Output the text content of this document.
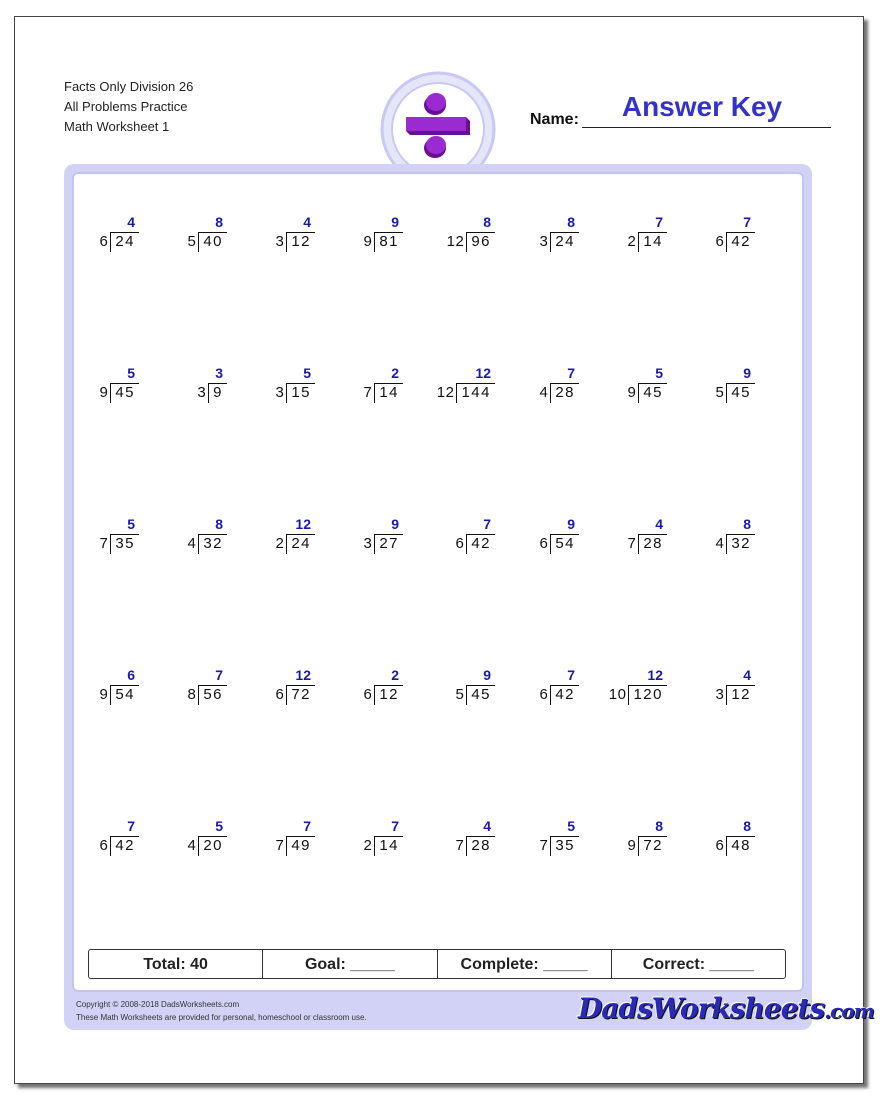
Facts Only Division 26
All Problems Practice
Math Worksheet 1	Name:	Answer Key
4
6 24
8
5 40
4
3 12
9
9 81
8
12 96
8
3 24
7
2 14
7
6 42
5
9 45
3
3 9
5
3 15
2
7 14
12
12 144
7
4 28
5
9 45
9
5 45
5
7 35
8
4 32
12
2 24
9
3 27
7
6 42
9
6 54
4
7 28
8
4 32
6
9 54
7
8 56
12
6 72
2
6 12
9
5 45
7
6 42
12
10 120
4
3 12
7
6 42
5
4 20
7
7 49
7
2 14
4
7 28
5
7 35
8
9 72
8
6 48
Total: 40	Goal: _____	Complete: _____	Correct: _____
Copyright © 2008-2018 DadsWorksheets.com
These Math Worksheets are provided for personal, homeschool or classroom use.	DadsWorksheets.com
